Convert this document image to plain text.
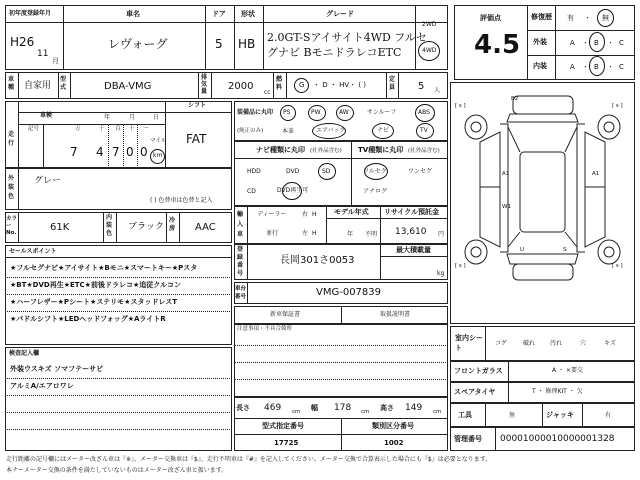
初年度登録年月
H26
11
月
車名
レヴォーグ
ドア
5
形状
HB
グレード
2.0GT-Sアイサイト4WD フルセ
グナビ BモニドラレコETC
2WD
4WD
評価点
4.5
修復歴 有 ・ 無
外装	A ・ B ・ C
内装	A ・ B ・ C
車種 自家用
型式	DBA-VMG
排気量 2000
cc
燃料 G ・ D ・ HV・ ( )
定員 5 人
車検	年	月	日
シフト
FAT
走行
記号	万	千 百 十 一
7 4 7 0 0
マイル
km
外装色
グレー
( ) 色替車は色替と記入
カラーNo.	61K
内装色
ブラック
冷房 AAC
セールスポイント
★フルセグナビ★アイサイト★Bモニ★スマートキー★Pスタ
★BT★DVD再生★ETC★前後ドラレコ★追従クルコン
★ハーフレザー★Pシート★ステリモ★スタッドレスT
★パドルシフト★LEDヘッドフォッグ★AライトR
検査記入欄
外装ウスキズ ソマフテーサビ
アルミA/エアロワレ
装備品に丸印
(純正のみ)
PS	PW	AW	サンルーフ	ABS
本革	エアバック	ナビ	TV
ナビ種類に丸印 (社外品含む)
HDD	DVD	SD
CD	DVD再生可
TV種類に丸印 (社外品含む)
フルセグ	ワンセグ
アナログ
輸入車
ディーラー	右 H
並行	左 H
モデル年式
年 不明
リサイクル預託金
13,610 円
登録番号
長岡301さ0053
最大積載量
kg
車台番号	VMG-007839
新車保証書	取扱説明書
注意事項・不具合箇所
長さ 469 cm 幅 178 cm 高さ 149 cm
型式指定番号	類別区分番号
17725	1002
[ s ]	[ s ]
[ s ]	[ s ]
B2
A1	A1
W1
U	S
室内シート
コゲ	破れ 汚れ	穴	キズ
フロントガラス	A ・ ×要交
スペアタイヤ	T ・ 修理KIT ・ 欠
工具	無	ジャッキ	有
管理番号 00001000010000001328
走行距離の記号欄にはメーター改ざん車は『※』、メーター交換車は『$』、走行不明車は『#』を記入してください。メーター交換で合算表示した場合にも『$』は必要となります。
本ナーメーター交換の条件を満たしていないものはメーター改ざん車と扱います。
